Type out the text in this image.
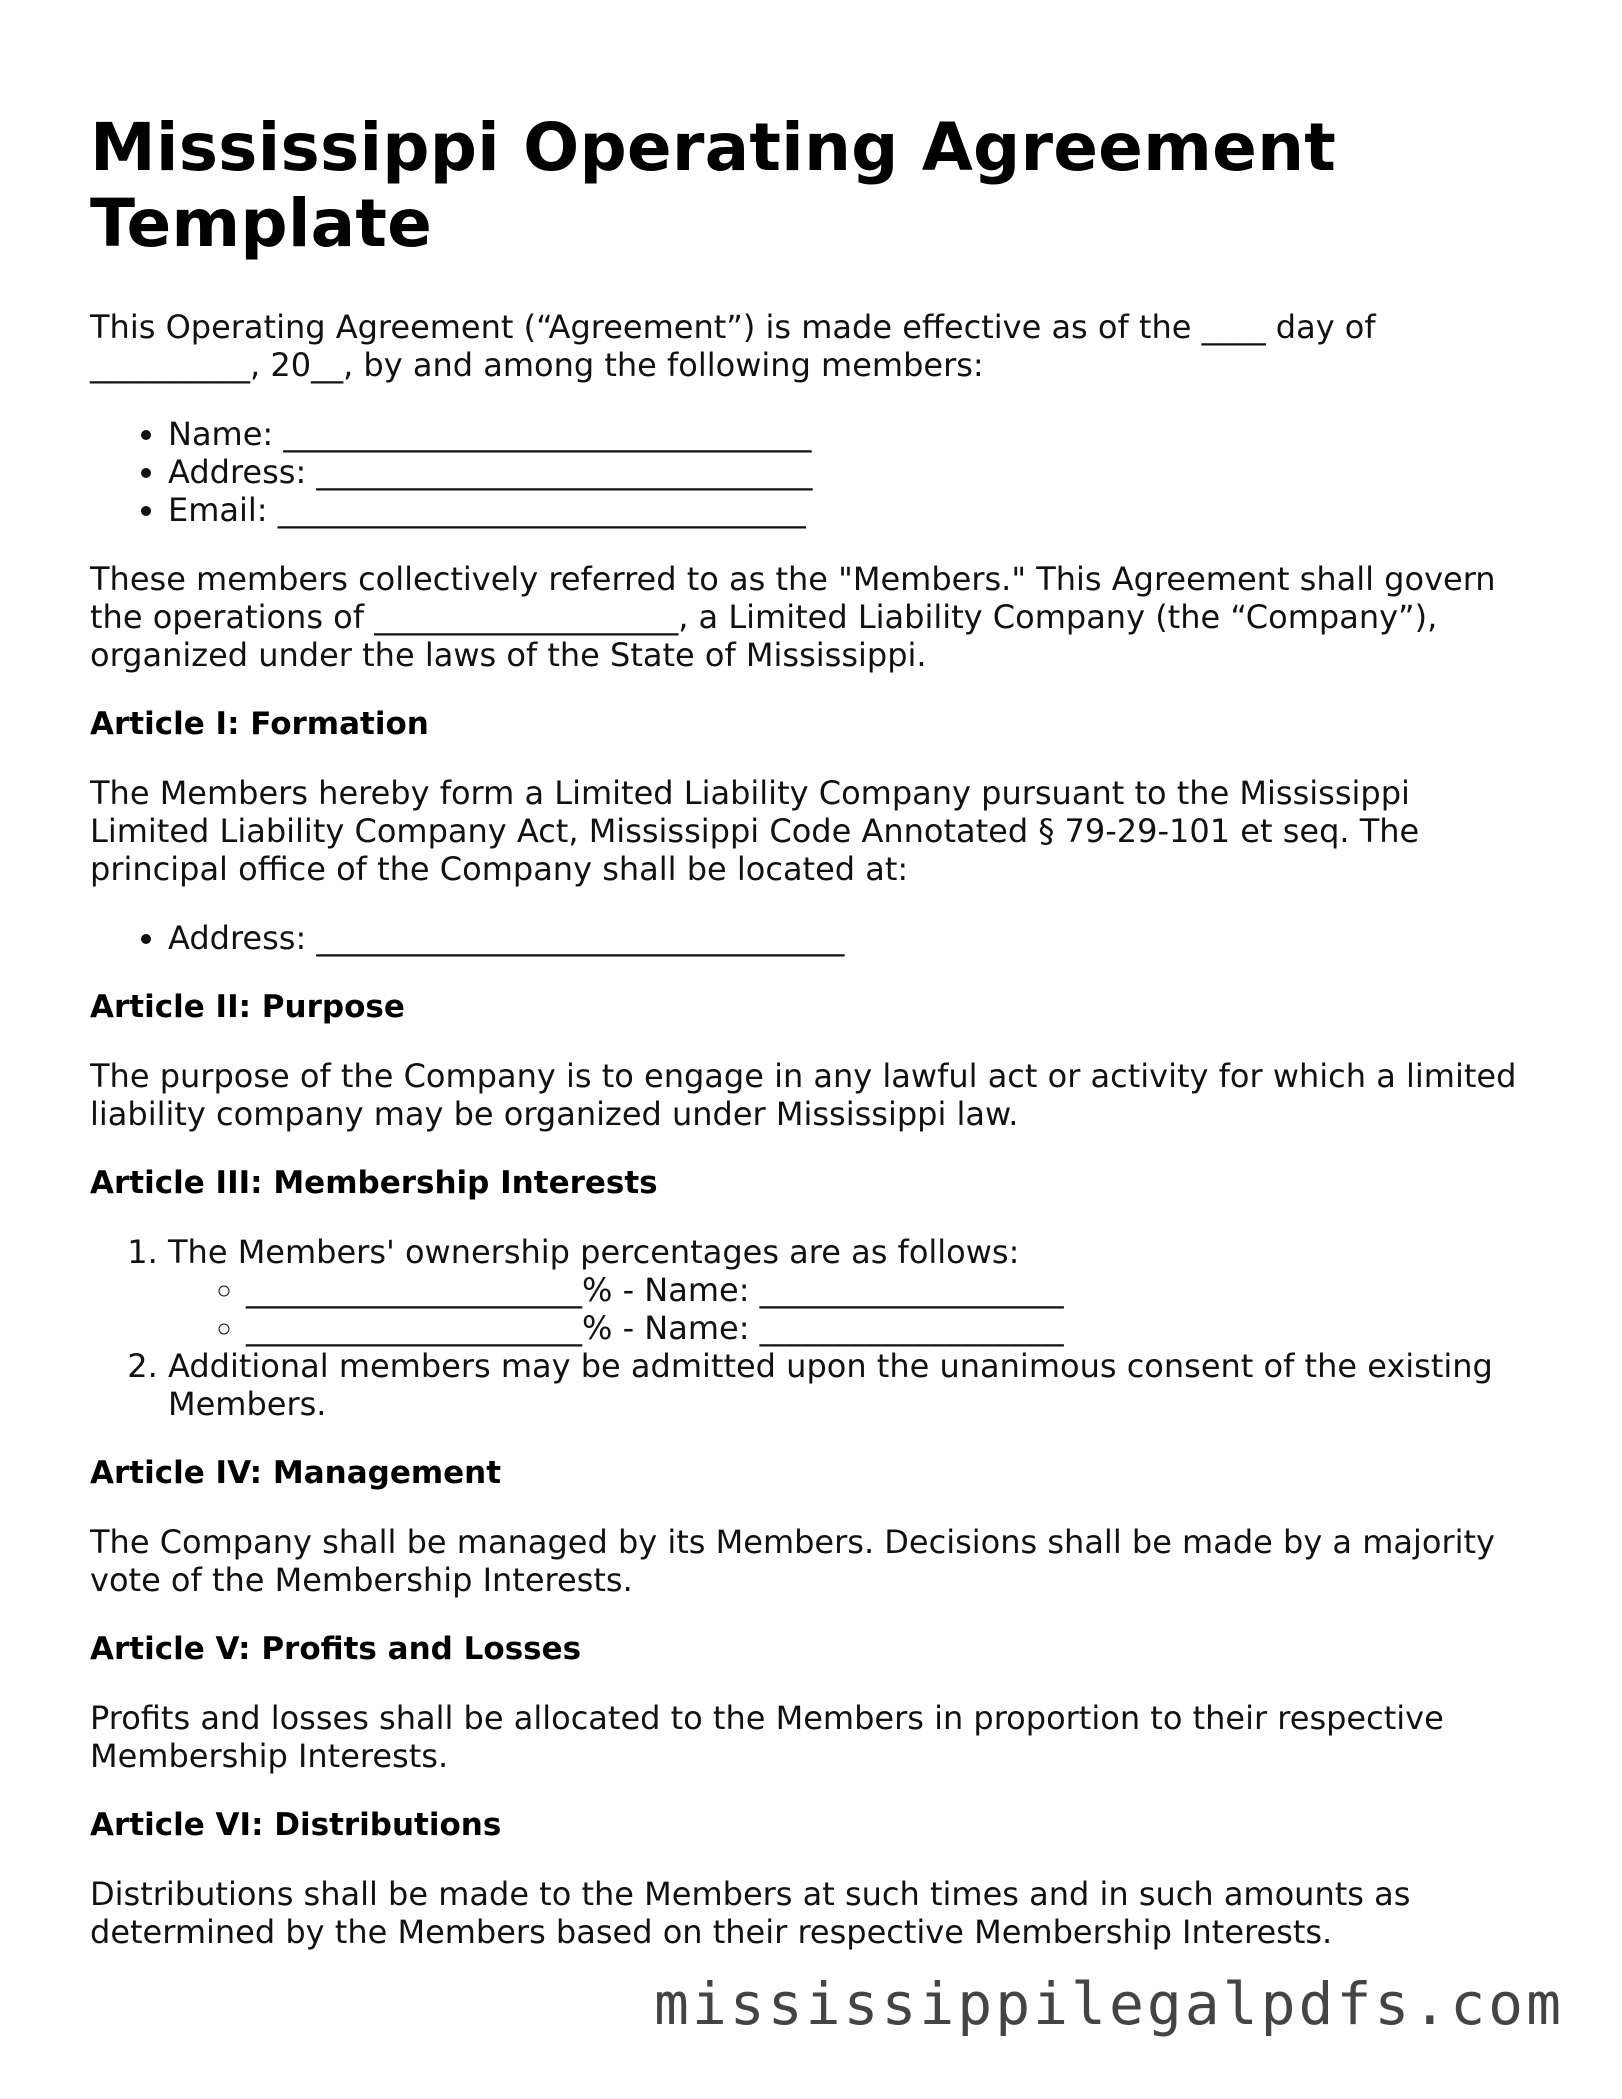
Mississippi Operating Agreement Template

This Operating Agreement (“Agreement”) is made effective as of the ____ day of __________, 20__, by and among the following members:

• Name: _________________________________
• Address: _______________________________
• Email: _________________________________

These members collectively referred to as the "Members." This Agreement shall govern the operations of ___________________, a Limited Liability Company (the “Company”), organized under the laws of the State of Mississippi.

Article I: Formation

The Members hereby form a Limited Liability Company pursuant to the Mississippi Limited Liability Company Act, Mississippi Code Annotated § 79-29-101 et seq. The principal office of the Company shall be located at:

• Address: _________________________________
Article II: Purpose

The purpose of the Company is to engage in any lawful act or activity for which a limited liability company may be organized under Mississippi law.

Article III: Membership Interests
1. The Members' ownership percentages are as follows:
◦ _____________________% - Name: ___________________
◦ _____________________% - Name: ___________________
2. Additional members may be admitted upon the unanimous consent of the existing Members.
Article IV: Management

The Company shall be managed by its Members. Decisions shall be made by a majority vote of the Membership Interests.

Article V: Profits and Losses

Profits and losses shall be allocated to the Members in proportion to their respective Membership Interests.

Article VI: Distributions

Distributions shall be made to the Members at such times and in such amounts as determined by the Members based on their respective Membership Interests.

mississippilegalpdfs.com
